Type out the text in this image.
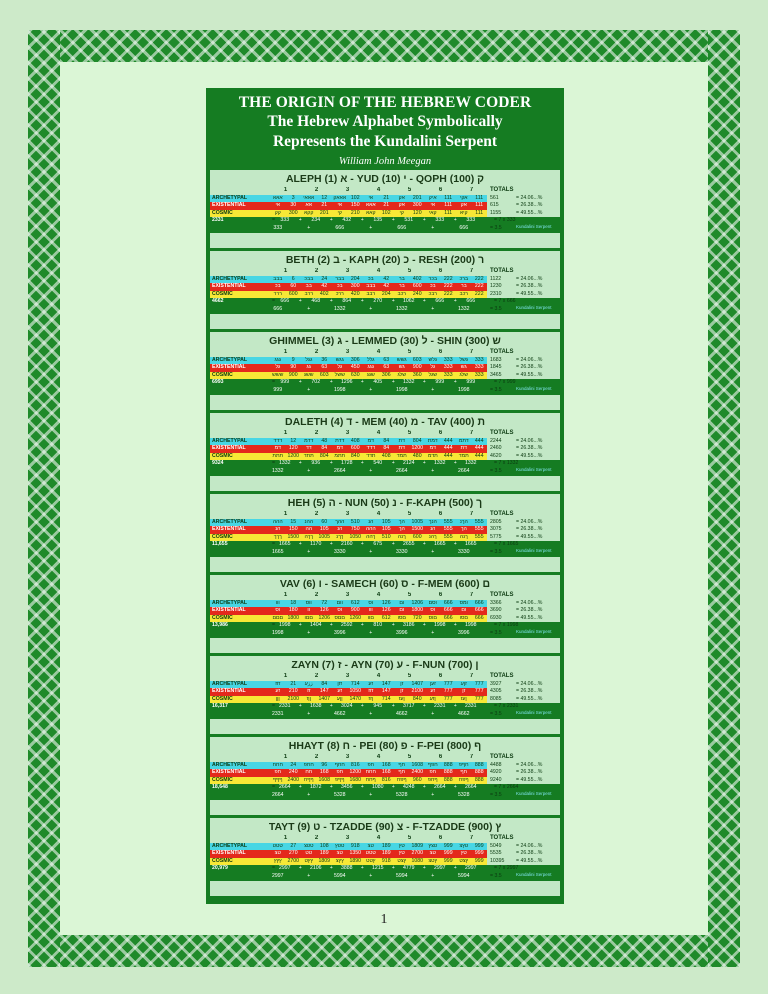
THE ORIGIN OF THE HEBREW CODER
The Hebrew Alphabet Symbolically
Represents the Kundalini Serpent
William John Meegan
ALEPH (1) א - YUD (10) י - QOPH (100) ק
1	2	3	4	5	6	7	TOTALS
ARCHETYPAL	אאא	3	אאאי	12	אאאק 102	אי	21	אק	201	איק	111	אקי	111	561	= 24.06...%
EXISTENTIAL	אי	30	אא	21	אי	150	אאא	21	אק	300	אי	111	אק	111	615	= 26.38...%
COSMIC	קק	300	קקא	201	קי	210	קאא	102	קי	120	קאי	111	קיא	111	1155	= 49.55...%
2331	=	333	+	234	+	432	+	135	+	531	+	333	+	333	= 7 x 333
333	+	666	+	666	+	666	= 3.5	Kundalini Serpent
BETH (2) ב - KAPH (20) כ - RESH (200) ר
1	2	3	4	5	6	7	TOTALS
ARCHETYPAL	בבב	6	בבכ	24	בבר	204	בכ	42	בר	402	בכר	222	ברכ	222	1122	= 24.06...%
EXISTENTIAL	בכ	60	בב	42	בכ	300	בבב	42	בר	600	בכ	222	בר	222	1230	= 26.38...%
COSMIC	ררר	600	ררב	402	ררכ	420	רבב	204	רכב	240	רבכ	222	רכב	222	2310	= 49.55...%
4662	=	666	+	468	+	864	+	270	+	1062	+	666	+	666	= 7 x 666
666	+	1332	+	1332	+	1332	= 3.5	Kundalini Serpent
GHIMMEL (3) ג - LEMMED (30) ל - SHIN (300) ש
1	2	3	4	5	6	7	TOTALS
ARCHETYPAL	גגג	9	גגל	36	גגש	306	גלל	63	גשש	603	גלש	333	גשל	333	1683	= 24.06...%
EXISTENTIAL	גל	90	גג	63	גל	450	גגג	63	גש	900	גל	333	גש	333	1845	= 26.38...%
COSMIC	ששש	900	ששג	603	ששל	630	שגג	306	שלג	360	שגל	333	שלג	333	3465	= 49.55...%
6993	=	999	+	702	+	1296	+	405	+	1332	+	999	+	999	= 7 x 999
999	+	1998	+	1998	+	1998	= 3.5	Kundalini Serpent
DALETH (4) ד - MEM (40) מ - TAV (400) ת
1	2	3	4	5	6	7	TOTALS
ARCHETYPAL	דדד	12	דדמ	48	דדת	408	דמ	84	דת	804	דמת	444	דתמ	444	2244	= 24.06...%
EXISTENTIAL	דמ	120	דד	84	דמ	600	דדד	84	דת	1200	דמ	444	דת	444	2460	= 26.38...%
COSMIC	תתת 1200 תתד	804	תתמ	840	תדד	408	תמד	480	תדמ	444	תמד	444	4620	= 49.55...%
9324	= 1332	+	936	+	1728	+	540	+	2124	+	1332	+	1332	= 7 x 1332
1332	+	2664	+	2664	+	2664	= 3.5	Kundalini Serpent
HEH (5) ה - NUN (50) נ - F-KAPH (500) ך
1	2	3	4	5	6	7	TOTALS
ARCHETYPAL	ההה	15	ההנ	60	ההך	510	הנ	105	הך	1005	הנך	555	הךנ	555	2805	= 24.06...%
EXISTENTIAL	הנ	150	הה	105	הנ	750	ההה	105	הך	1500	הנ	555	הך	555	3075	= 26.38...%
COSMIC	ךךך	1500	ךךה	1005	ךךנ	1050 ךהה	510	ךנה	600	ךהנ	555	ךנה	555	5775	= 49.55...%
11,655	= 1665	+	1170	+	2160	+	675	+	2655	+	1665	+	1665	= 7 x 1665
1665	+	3330	+	3330	+	3330	= 3.5	Kundalini Serpent
VAV (6) ו - SAMECH (60) ס - F-MEM (600) ם
1	2	3	4	5	6	7	TOTALS
ARCHETYPAL	ווו	18	ווס	72	וום	612	וס	126	ום	1206	וסם	666	ומס	666	3366	= 24.06...%
EXISTENTIAL	וס	180	וו	126	וס	900	ווו	126	ום	1800	וס	666	ום	666	3690	= 26.38...%
COSMIC	םםם 1800	םםו	1206 םםס 1260	םוו	612	םסו	720	םוס	666	םסו	666	6930	= 49.55...%
13,986	= 1998	+	1404	+	2592	+	810	+	3186	+	1998	+	1998	= 7 x 1998
1998	+	3996	+	3996	+	3996	= 3.5	Kundalini Serpent
ZAYN (7) ז - AYN (70) ע - F-NUN (700) ן
1	2	3	4	5	6	7	TOTALS
ARCHETYPAL	זזז	21	ززע	84	זזן	714	זע	147	זן	1407	זען	777	זןע	777	3927	= 24.06...%
EXISTENTIAL	זע	210	זז	147	זע	1050	זזז	147	זן	2100	זע	777	זן	777	4305	= 26.38...%
COSMIC	ןןן	2100	ןןז	1407	ןןע	1470	ןזז	714	ןעז	840	ןזע	777	ןעז	777	8085	= 49.55...%
16,317	= 2331	+	1638	+	3024	+	945	+	3717	+	2331	+	2331	= 7 x 2331
2331	+	4662	+	4662	+	4662	= 3.5	Kundalini Serpent
HHAYT (8) ח - PEI (80) פ - F-PEI (800) ף
1	2	3	4	5	6	7	TOTALS
ARCHETYPAL	חחח	24	חחפ	96	חחף	816	חפ	168	חף	1608 חפף	888	חףפ	888	4488	= 24.06...%
EXISTENTIAL	חפ	240	חח	168	חפ	1200 חחח	168	חף	2400	חפ	888	חף	888	4920	= 26.38...%
COSMIC	ףףף 2400 ףףח 1608 ףףפ 1680 ףחח	816	ףפח	960	ףחפ	888	ףפח	888	9240	= 49.55...%
18,648	= 2664	+	1872	+	3456	+	1080	+	4248	+	2664	+	2664	= 7 x 2664
2664	+	5328	+	5328	+	5328	= 3.5	Kundalini Serpent
TAYT (9) ט - TZADDE (90) צ - F-TZADDE (900) ץ
1	2	3	4	5	6	7	TOTALS
ARCHETYPAL	טטט	27	טטצ	108	טטץ	918	טצ	189	טץ	1809	טצץ	999	טץצ	999	5049	= 24.06...%
EXISTENTIAL	טצ	270	טט	189	טצ	1350 טטט	189	טץ	2700	טצ	999	טץ	999	5535	= 26.38...%
COSMIC	ץץץ	2700	ץץט	1809	ץץצ	1890 ץטט	918	ץצט	1080	ץטצ	999	ץצט	999	10395	= 49.55...%
20,979	= 2997	+	2106	+	3888	+	1215	+	4779	+	2997	+	2997	= 7 x 2997
2997	+	5994	+	5994	+	5994	= 3.5	Kundalini Serpent
1
